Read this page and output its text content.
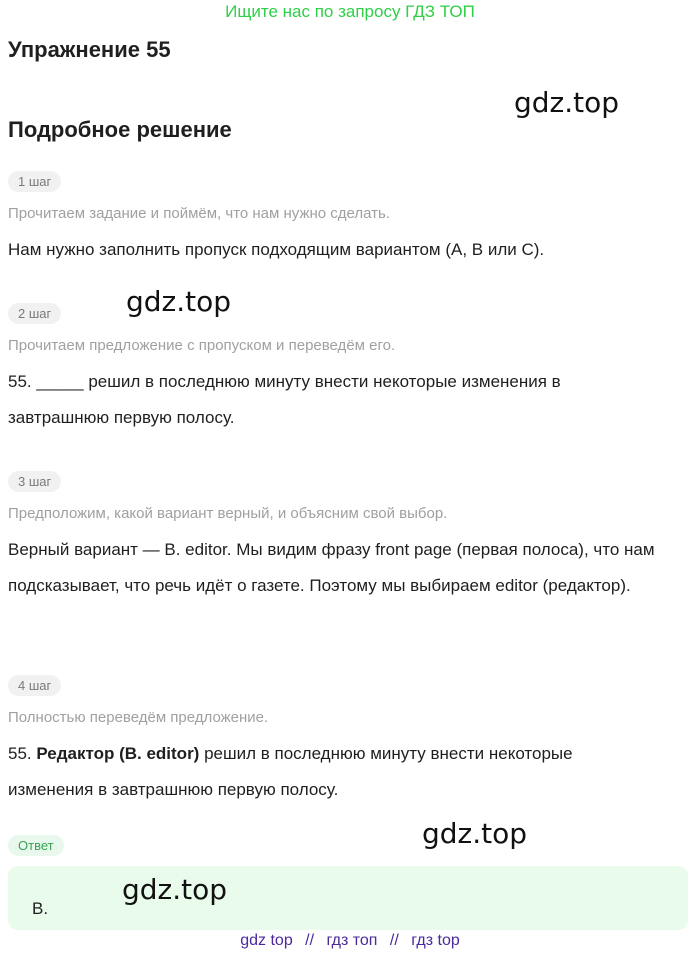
Ищите нас по запросу ГДЗ ТОП
Упражнение 55
gdz.top
Подробное решение
1 шаг
Прочитаем задание и поймём, что нам нужно сделать.
Нам нужно заполнить пропуск подходящим вариантом (A, B или C).
2 шаг	gdz.top
Прочитаем предложение с пропуском и переведём его.
55. _____ решил в последнюю минуту внести некоторые изменения в завтрашнюю первую полосу.
3 шаг
Предположим, какой вариант верный, и объясним свой выбор.
Верный вариант — B. editor. Мы видим фразу front page (первая полоса), что нам подсказывает, что речь идёт о газете. Поэтому мы выбираем editor (редактор).
4 шаг
Полностью переведём предложение.
55. Редактор (B. editor) решил в последнюю минуту внести некоторые изменения в завтрашнюю первую полосу.
Ответ	gdz.top
gdz.top
B.
gdz top // гдз топ // гдз top
